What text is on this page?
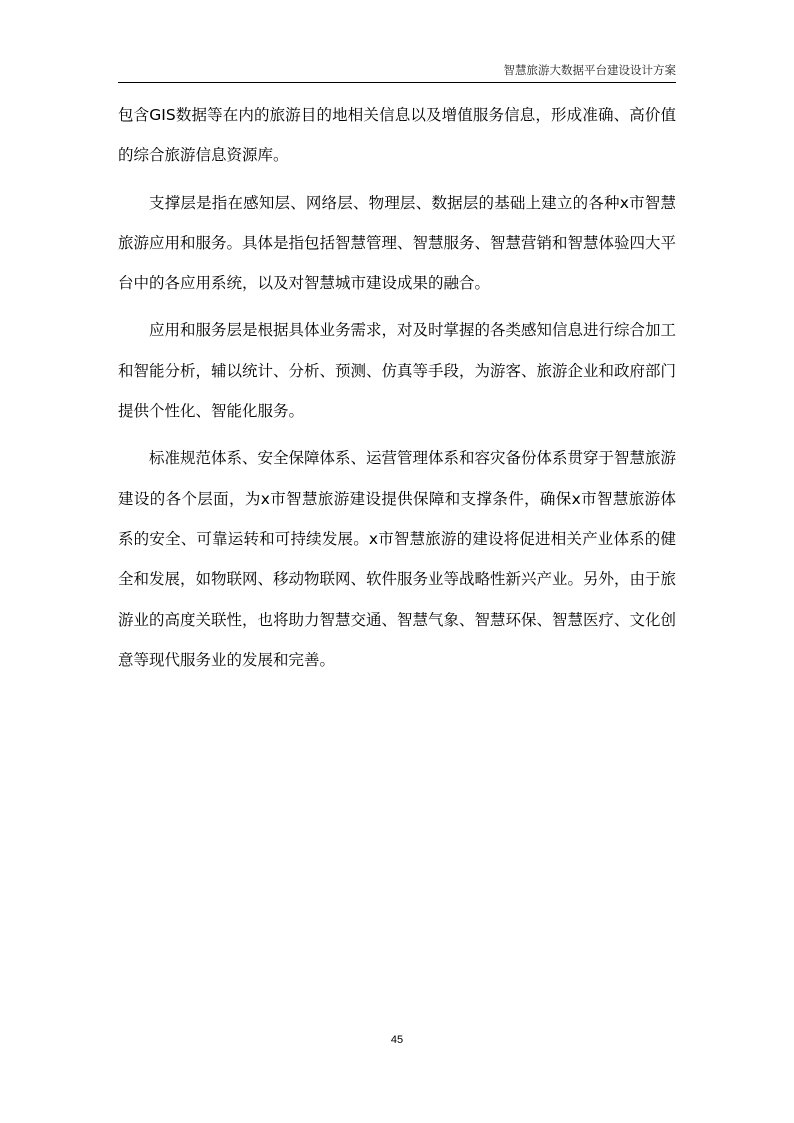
智慧旅游大数据平台建设设计方案

包含GIS数据等在内的旅游目的地相关信息以及增值服务信息，形成准确、高价值的综合旅游信息资源库。

支撑层是指在感知层、网络层、物理层、数据层的基础上建立的各种x市智慧旅游应用和服务。具体是指包括智慧管理、智慧服务、智慧营销和智慧体验四大平台中的各应用系统，以及对智慧城市建设成果的融合。

应用和服务层是根据具体业务需求，对及时掌握的各类感知信息进行综合加工和智能分析，辅以统计、分析、预测、仿真等手段，为游客、旅游企业和政府部门提供个性化、智能化服务。

标准规范体系、安全保障体系、运营管理体系和容灾备份体系贯穿于智慧旅游建设的各个层面，为x市智慧旅游建设提供保障和支撑条件，确保x市智慧旅游体系的安全、可靠运转和可持续发展。x市智慧旅游的建设将促进相关产业体系的健全和发展，如物联网、移动物联网、软件服务业等战略性新兴产业。另外，由于旅游业的高度关联性，也将助力智慧交通、智慧气象、智慧环保、智慧医疗、文化创意等现代服务业的发展和完善。

45
